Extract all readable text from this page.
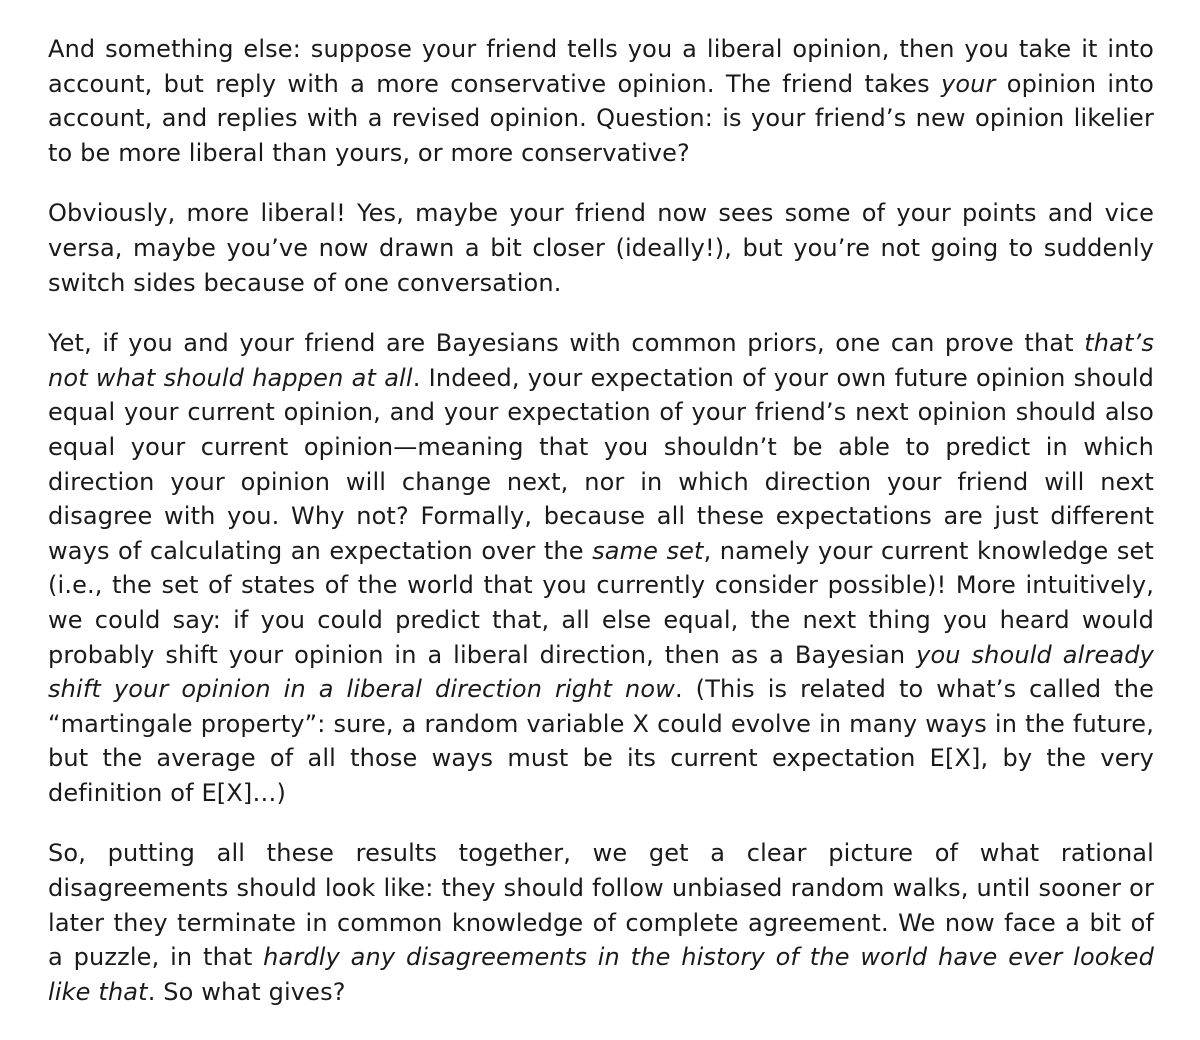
And something else: suppose your friend tells you a liberal opinion, then you take it into account, but reply with a more conservative opinion. The friend takes your opinion into account, and replies with a revised opinion. Question: is your friend’s new opinion likelier to be more liberal than yours, or more conservative?

Obviously, more liberal! Yes, maybe your friend now sees some of your points and vice versa, maybe you’ve now drawn a bit closer (ideally!), but you’re not going to suddenly switch sides because of one conversation.

Yet, if you and your friend are Bayesians with common priors, one can prove that that’s not what should happen at all. Indeed, your expectation of your own future opinion should equal your current opinion, and your expectation of your friend’s next opinion should also equal your current opinion—meaning that you shouldn’t be able to predict in which direction your opinion will change next, nor in which direction your friend will next disagree with you. Why not? Formally, because all these expectations are just different ways of calculating an expectation over the same set, namely your current knowledge set (i.e., the set of states of the world that you currently consider possible)! More intuitively, we could say: if you could predict that, all else equal, the next thing you heard would probably shift your opinion in a liberal direction, then as a Bayesian you should already shift your opinion in a liberal direction right now. (This is related to what’s called the “martingale property”: sure, a random variable X could evolve in many ways in the future, but the average of all those ways must be its current expectation E[X], by the very definition of E[X]…)

So, putting all these results together, we get a clear picture of what rational disagreements should look like: they should follow unbiased random walks, until sooner or later they terminate in common knowledge of complete agreement. We now face a bit of a puzzle, in that hardly any disagreements in the history of the world have ever looked like that. So what gives?
